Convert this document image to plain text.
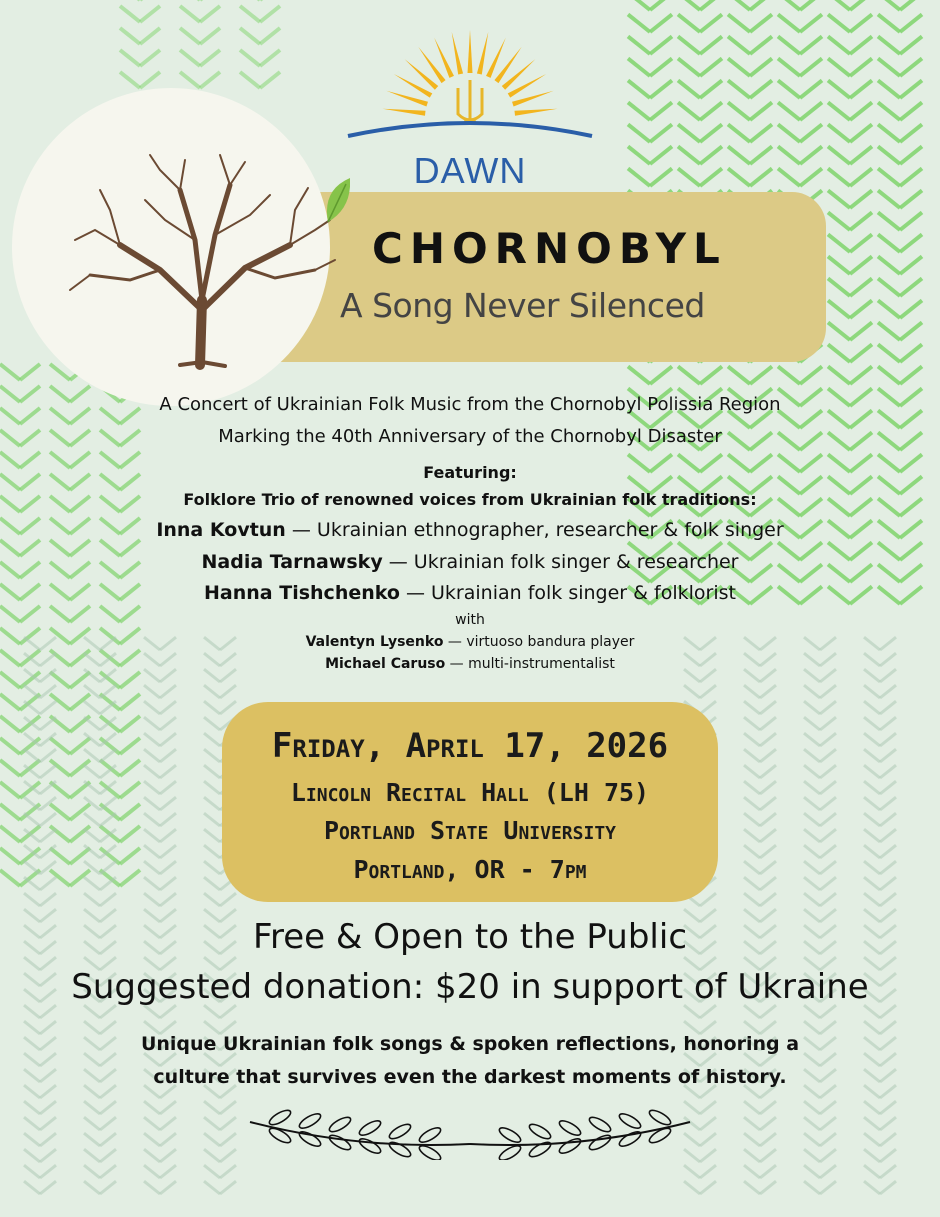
DAWN
CHORNOBYL
A Song Never Silenced
A Concert of Ukrainian Folk Music from the Chornobyl Polissia Region
Marking the 40th Anniversary of the Chornobyl Disaster
Featuring:
Folklore Trio of renowned voices from Ukrainian folk traditions:
Inna Kovtun — Ukrainian ethnographer, researcher & folk singer
Nadia Tarnawsky — Ukrainian folk singer & researcher
Hanna Tishchenko — Ukrainian folk singer & folklorist
with
Valentyn Lysenko — virtuoso bandura player
Michael Caruso — multi-instrumentalist
Friday, April 17, 2026
Lincoln Recital Hall (LH 75)
Portland State University
Portland, OR - 7pm
Free & Open to the Public
Suggested donation: $20 in support of Ukraine
Unique Ukrainian folk songs & spoken reflections, honoring a
culture that survives even the darkest moments of history.
